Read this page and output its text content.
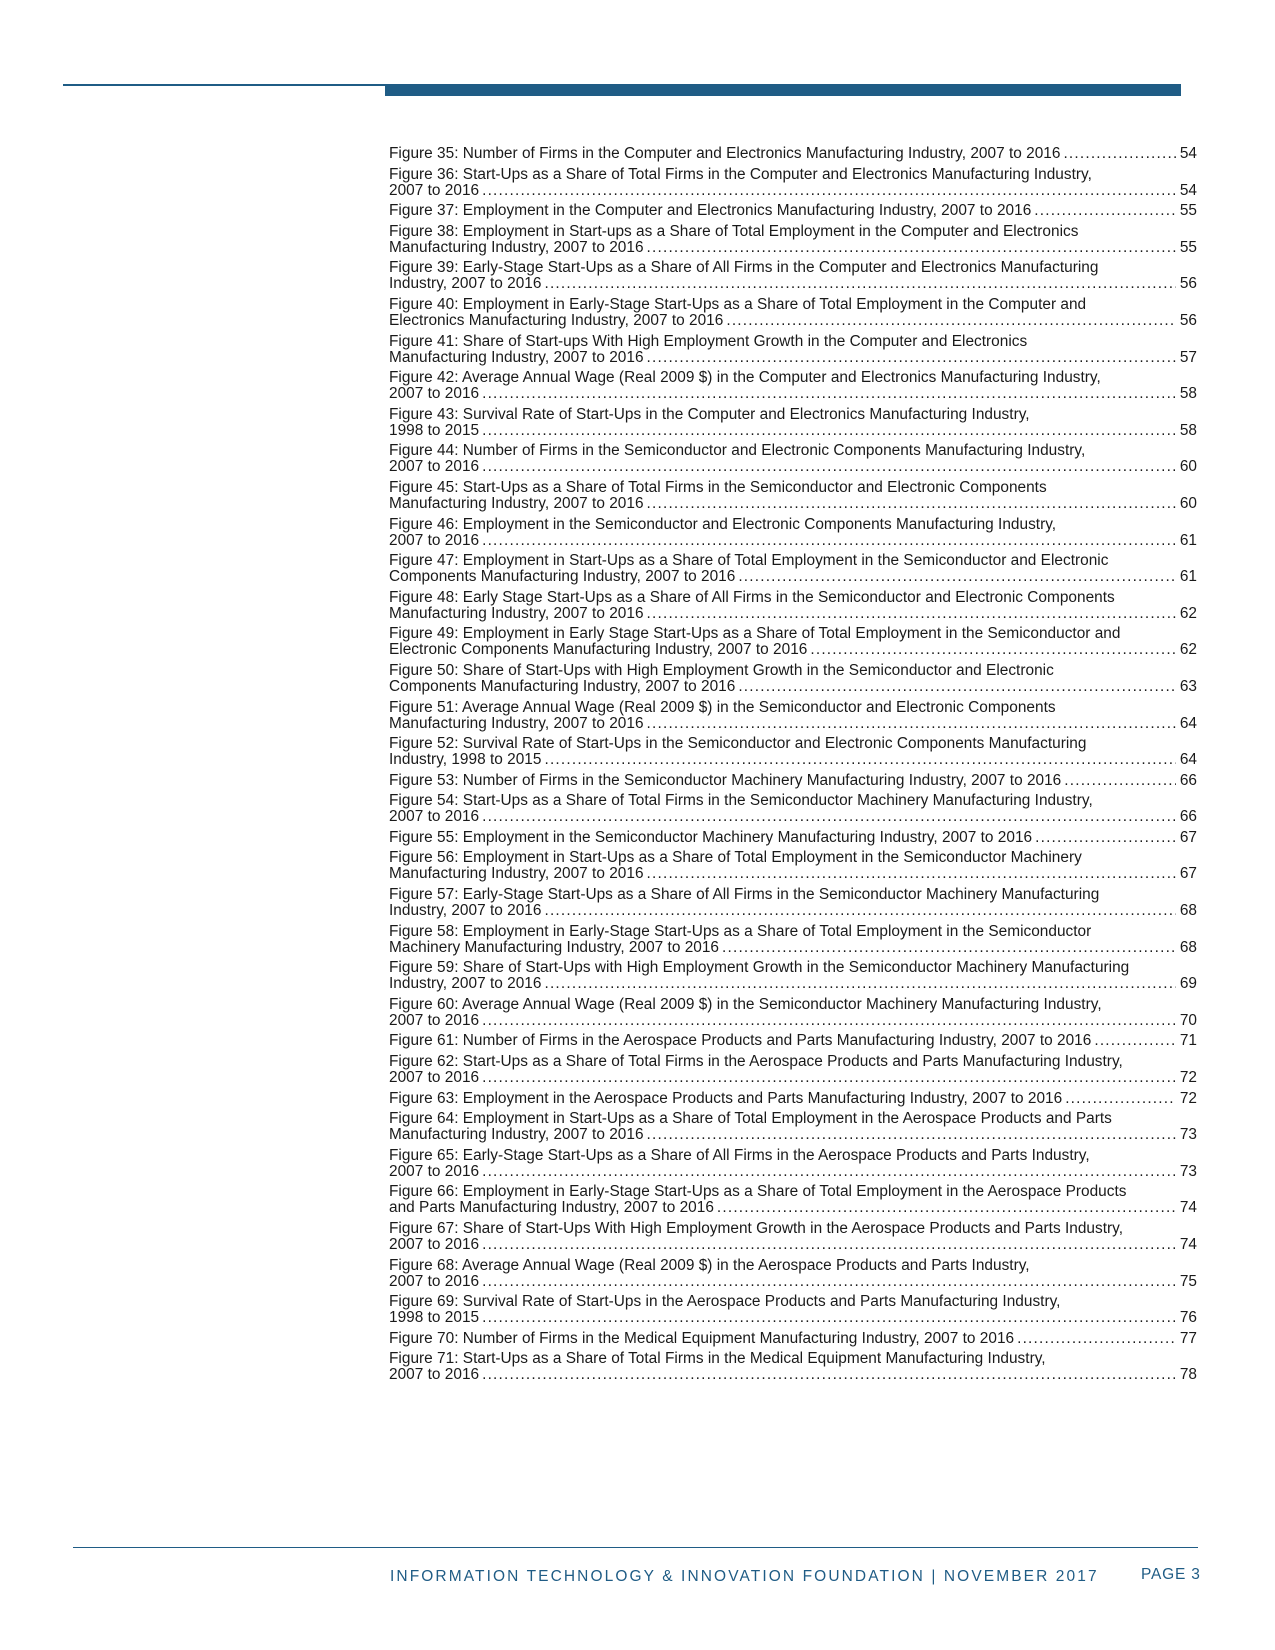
Figure 35: Number of Firms in the Computer and Electronics Manufacturing Industry, 2007 to 2016 .....	54
Figure 36: Start-Ups as a Share of Total Firms in the Computer and Electronics Manufacturing Industry,
2007 to 2016 .....	54
Figure 37: Employment in the Computer and Electronics Manufacturing Industry, 2007 to 2016 .....	55
Figure 38: Employment in Start-ups as a Share of Total Employment in the Computer and Electronics
Manufacturing Industry, 2007 to 2016 .....	55
Figure 39: Early-Stage Start-Ups as a Share of All Firms in the Computer and Electronics Manufacturing
Industry, 2007 to 2016 .....	56
Figure 40: Employment in Early-Stage Start-Ups as a Share of Total Employment in the Computer and
Electronics Manufacturing Industry, 2007 to 2016 .....	56
Figure 41: Share of Start-ups With High Employment Growth in the Computer and Electronics
Manufacturing Industry, 2007 to 2016 .....	57
Figure 42: Average Annual Wage (Real 2009 $) in the Computer and Electronics Manufacturing Industry,
2007 to 2016 .....	58
Figure 43: Survival Rate of Start-Ups in the Computer and Electronics Manufacturing Industry,
1998 to 2015 .....	58
Figure 44: Number of Firms in the Semiconductor and Electronic Components Manufacturing Industry,
2007 to 2016 .....	60
Figure 45: Start-Ups as a Share of Total Firms in the Semiconductor and Electronic Components
Manufacturing Industry, 2007 to 2016 .....	60
Figure 46: Employment in the Semiconductor and Electronic Components Manufacturing Industry,
2007 to 2016 .....	61
Figure 47: Employment in Start-Ups as a Share of Total Employment in the Semiconductor and Electronic
Components Manufacturing Industry, 2007 to 2016 .....	61
Figure 48: Early Stage Start-Ups as a Share of All Firms in the Semiconductor and Electronic Components
Manufacturing Industry, 2007 to 2016 .....	62
Figure 49: Employment in Early Stage Start-Ups as a Share of Total Employment in the Semiconductor and
Electronic Components Manufacturing Industry, 2007 to 2016 .....	62
Figure 50: Share of Start-Ups with High Employment Growth in the Semiconductor and Electronic
Components Manufacturing Industry, 2007 to 2016 .....	63
Figure 51: Average Annual Wage (Real 2009 $) in the Semiconductor and Electronic Components
Manufacturing Industry, 2007 to 2016 .....	64
Figure 52: Survival Rate of Start-Ups in the Semiconductor and Electronic Components Manufacturing
Industry, 1998 to 2015 .....	64
Figure 53: Number of Firms in the Semiconductor Machinery Manufacturing Industry, 2007 to 2016 .....	66
Figure 54: Start-Ups as a Share of Total Firms in the Semiconductor Machinery Manufacturing Industry,
2007 to 2016 .....	66
Figure 55: Employment in the Semiconductor Machinery Manufacturing Industry, 2007 to 2016 .....	67
Figure 56: Employment in Start-Ups as a Share of Total Employment in the Semiconductor Machinery
Manufacturing Industry, 2007 to 2016 .....	67
Figure 57: Early-Stage Start-Ups as a Share of All Firms in the Semiconductor Machinery Manufacturing
Industry, 2007 to 2016 .....	68
Figure 58: Employment in Early-Stage Start-Ups as a Share of Total Employment in the Semiconductor
Machinery Manufacturing Industry, 2007 to 2016 .....	68
Figure 59: Share of Start-Ups with High Employment Growth in the Semiconductor Machinery Manufacturing
Industry, 2007 to 2016 .....	69
Figure 60: Average Annual Wage (Real 2009 $) in the Semiconductor Machinery Manufacturing Industry,
2007 to 2016 .....	70
Figure 61: Number of Firms in the Aerospace Products and Parts Manufacturing Industry, 2007 to 2016 .....	71
Figure 62: Start-Ups as a Share of Total Firms in the Aerospace Products and Parts Manufacturing Industry,
2007 to 2016 .....	72
Figure 63: Employment in the Aerospace Products and Parts Manufacturing Industry, 2007 to 2016 .....	72
Figure 64: Employment in Start-Ups as a Share of Total Employment in the Aerospace Products and Parts
Manufacturing Industry, 2007 to 2016 .....	73
Figure 65: Early-Stage Start-Ups as a Share of All Firms in the Aerospace Products and Parts Industry,
2007 to 2016 .....	73
Figure 66: Employment in Early-Stage Start-Ups as a Share of Total Employment in the Aerospace Products
and Parts Manufacturing Industry, 2007 to 2016 .....	74
Figure 67: Share of Start-Ups With High Employment Growth in the Aerospace Products and Parts Industry,
2007 to 2016 .....	74
Figure 68: Average Annual Wage (Real 2009 $) in the Aerospace Products and Parts Industry,
2007 to 2016 .....	75
Figure 69: Survival Rate of Start-Ups in the Aerospace Products and Parts Manufacturing Industry,
1998 to 2015 .....	76
Figure 70: Number of Firms in the Medical Equipment Manufacturing Industry, 2007 to 2016 .....	77
Figure 71: Start-Ups as a Share of Total Firms in the Medical Equipment Manufacturing Industry,
2007 to 2016 .....	78
INFORMATION TECHNOLOGY & INNOVATION FOUNDATION | NOVEMBER 2017	PAGE 3
